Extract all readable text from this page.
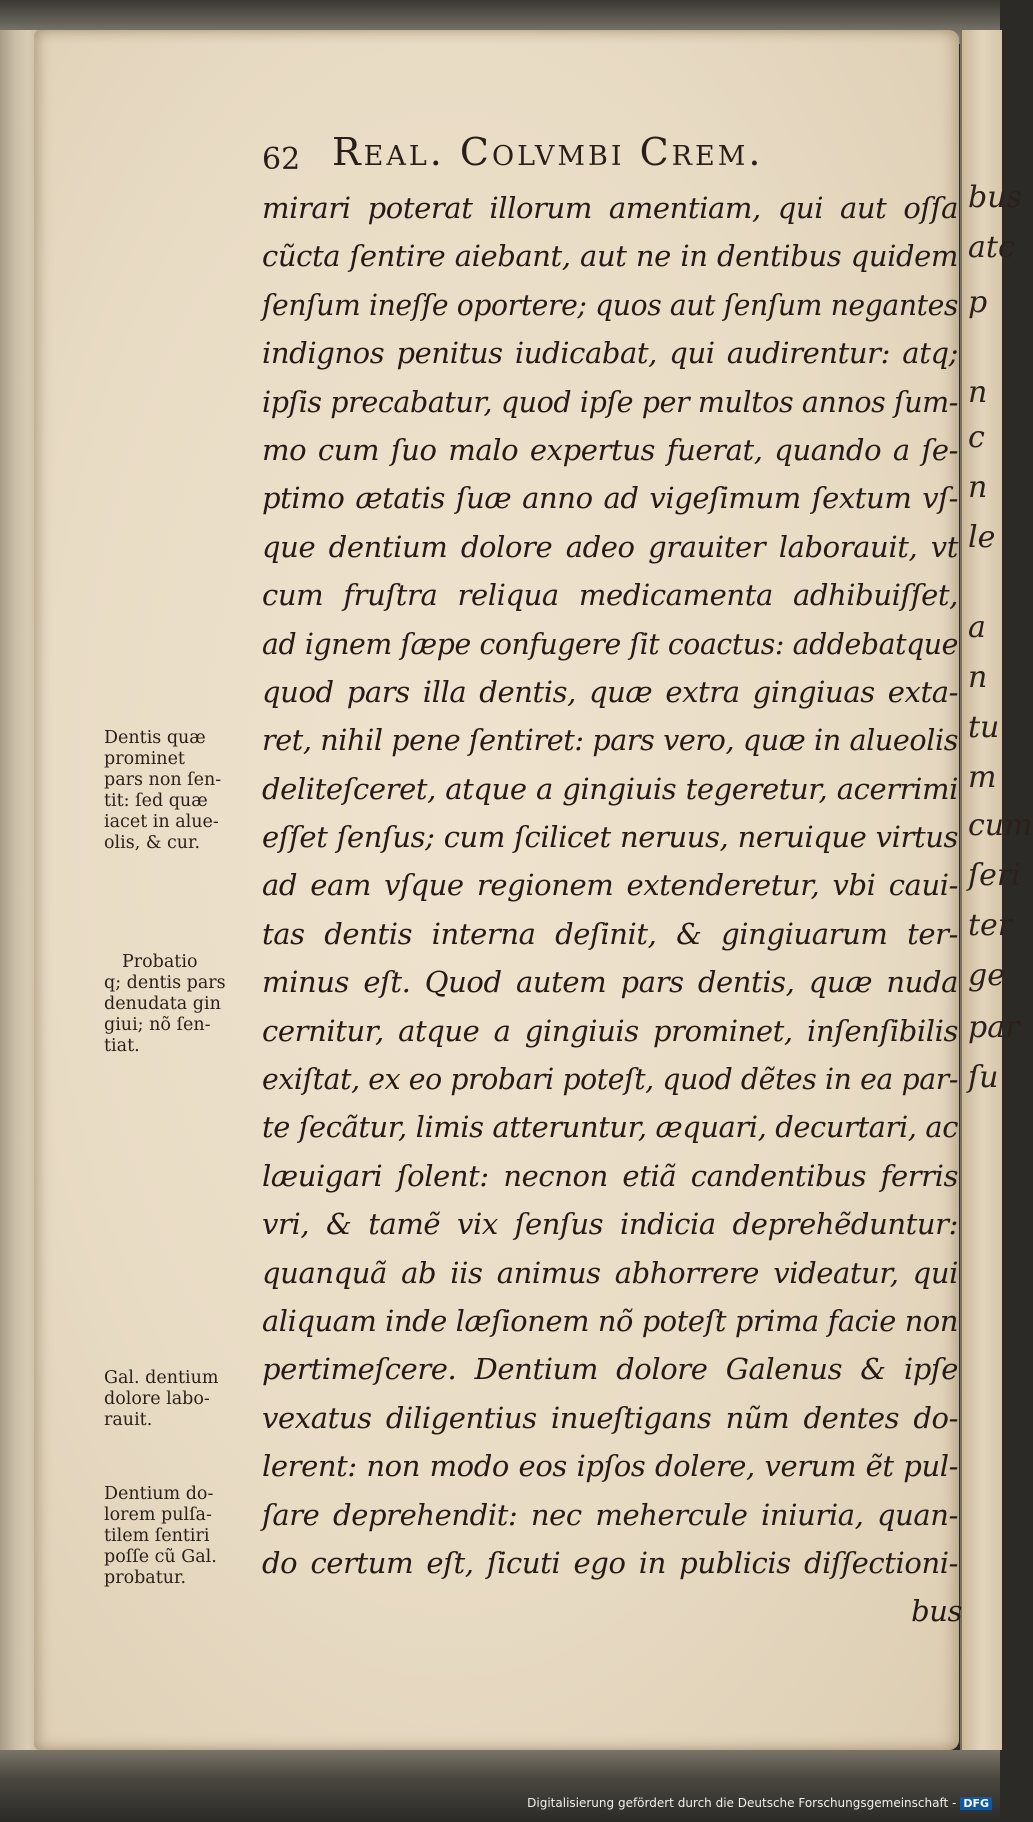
bus
atc
p
n
c
n
le
a
n
tu
m
cum
ſeri
ter
ge
par
ſu
62 Real. Colvmbi Crem.
mirari poterat illorum amentiam, qui aut oſſa
cũcta ſentire aiebant, aut ne in dentibus quidem
ſenſum ineſſe oportere; quos aut ſenſum negantes
indignos penitus iudicabat, qui audirentur: atq;
ipſis precabatur, quod ipſe per multos annos ſum-
mo cum ſuo malo expertus fuerat, quando a ſe-
ptimo ætatis ſuæ anno ad vigeſimum ſextum vſ-
que dentium dolore adeo grauiter laborauit, vt
cum fruſtra reliqua medicamenta adhibuiſſet,
ad ignem ſæpe confugere ſit coactus: addebatque
quod pars illa dentis, quæ extra gingiuas exta-
ret, nihil pene ſentiret: pars vero, quæ in alueolis
deliteſceret, atque a gingiuis tegeretur, acerrimi
eſſet ſenſus; cum ſcilicet neruus, neruique virtus
ad eam vſque regionem extenderetur, vbi caui-
tas dentis interna deſinit, & gingiuarum ter-
minus eſt. Quod autem pars dentis, quæ nuda
cernitur, atque a gingiuis prominet, inſenſibilis
exiſtat, ex eo probari poteſt, quod dẽtes in ea par-
te ſecãtur, limis atteruntur, æquari, decurtari, ac
læuigari ſolent: necnon etiã candentibus ferris
vri, & tamẽ vix ſenſus indicia deprehẽduntur:
quanquã ab iis animus abhorrere videatur, qui
aliquam inde læſionem nõ poteſt prima facie non
pertimeſcere. Dentium dolore Galenus & ipſe
vexatus diligentius inueſtigans nũm dentes do-
lerent: non modo eos ipſos dolere, verum ẽt pul-
ſare deprehendit: nec mehercule iniuria, quan-
do certum eſt, ſicuti ego in publicis diſſectioni-
bus
Dentis quæ
prominet
pars non ſen-
tit: ſed quæ
iacet in alue-
olis, & cur.
Probatio
q; dentis pars
denudata gin
giui; nõ ſen-
tiat.
Gal. dentium
dolore labo-
rauit.
Dentium do-
lorem pulſa-
tilem ſentiri
poſſe cũ Gal.
probatur.
Digitalisierung gefördert durch die Deutsche Forschungsgemeinschaft - DFG
